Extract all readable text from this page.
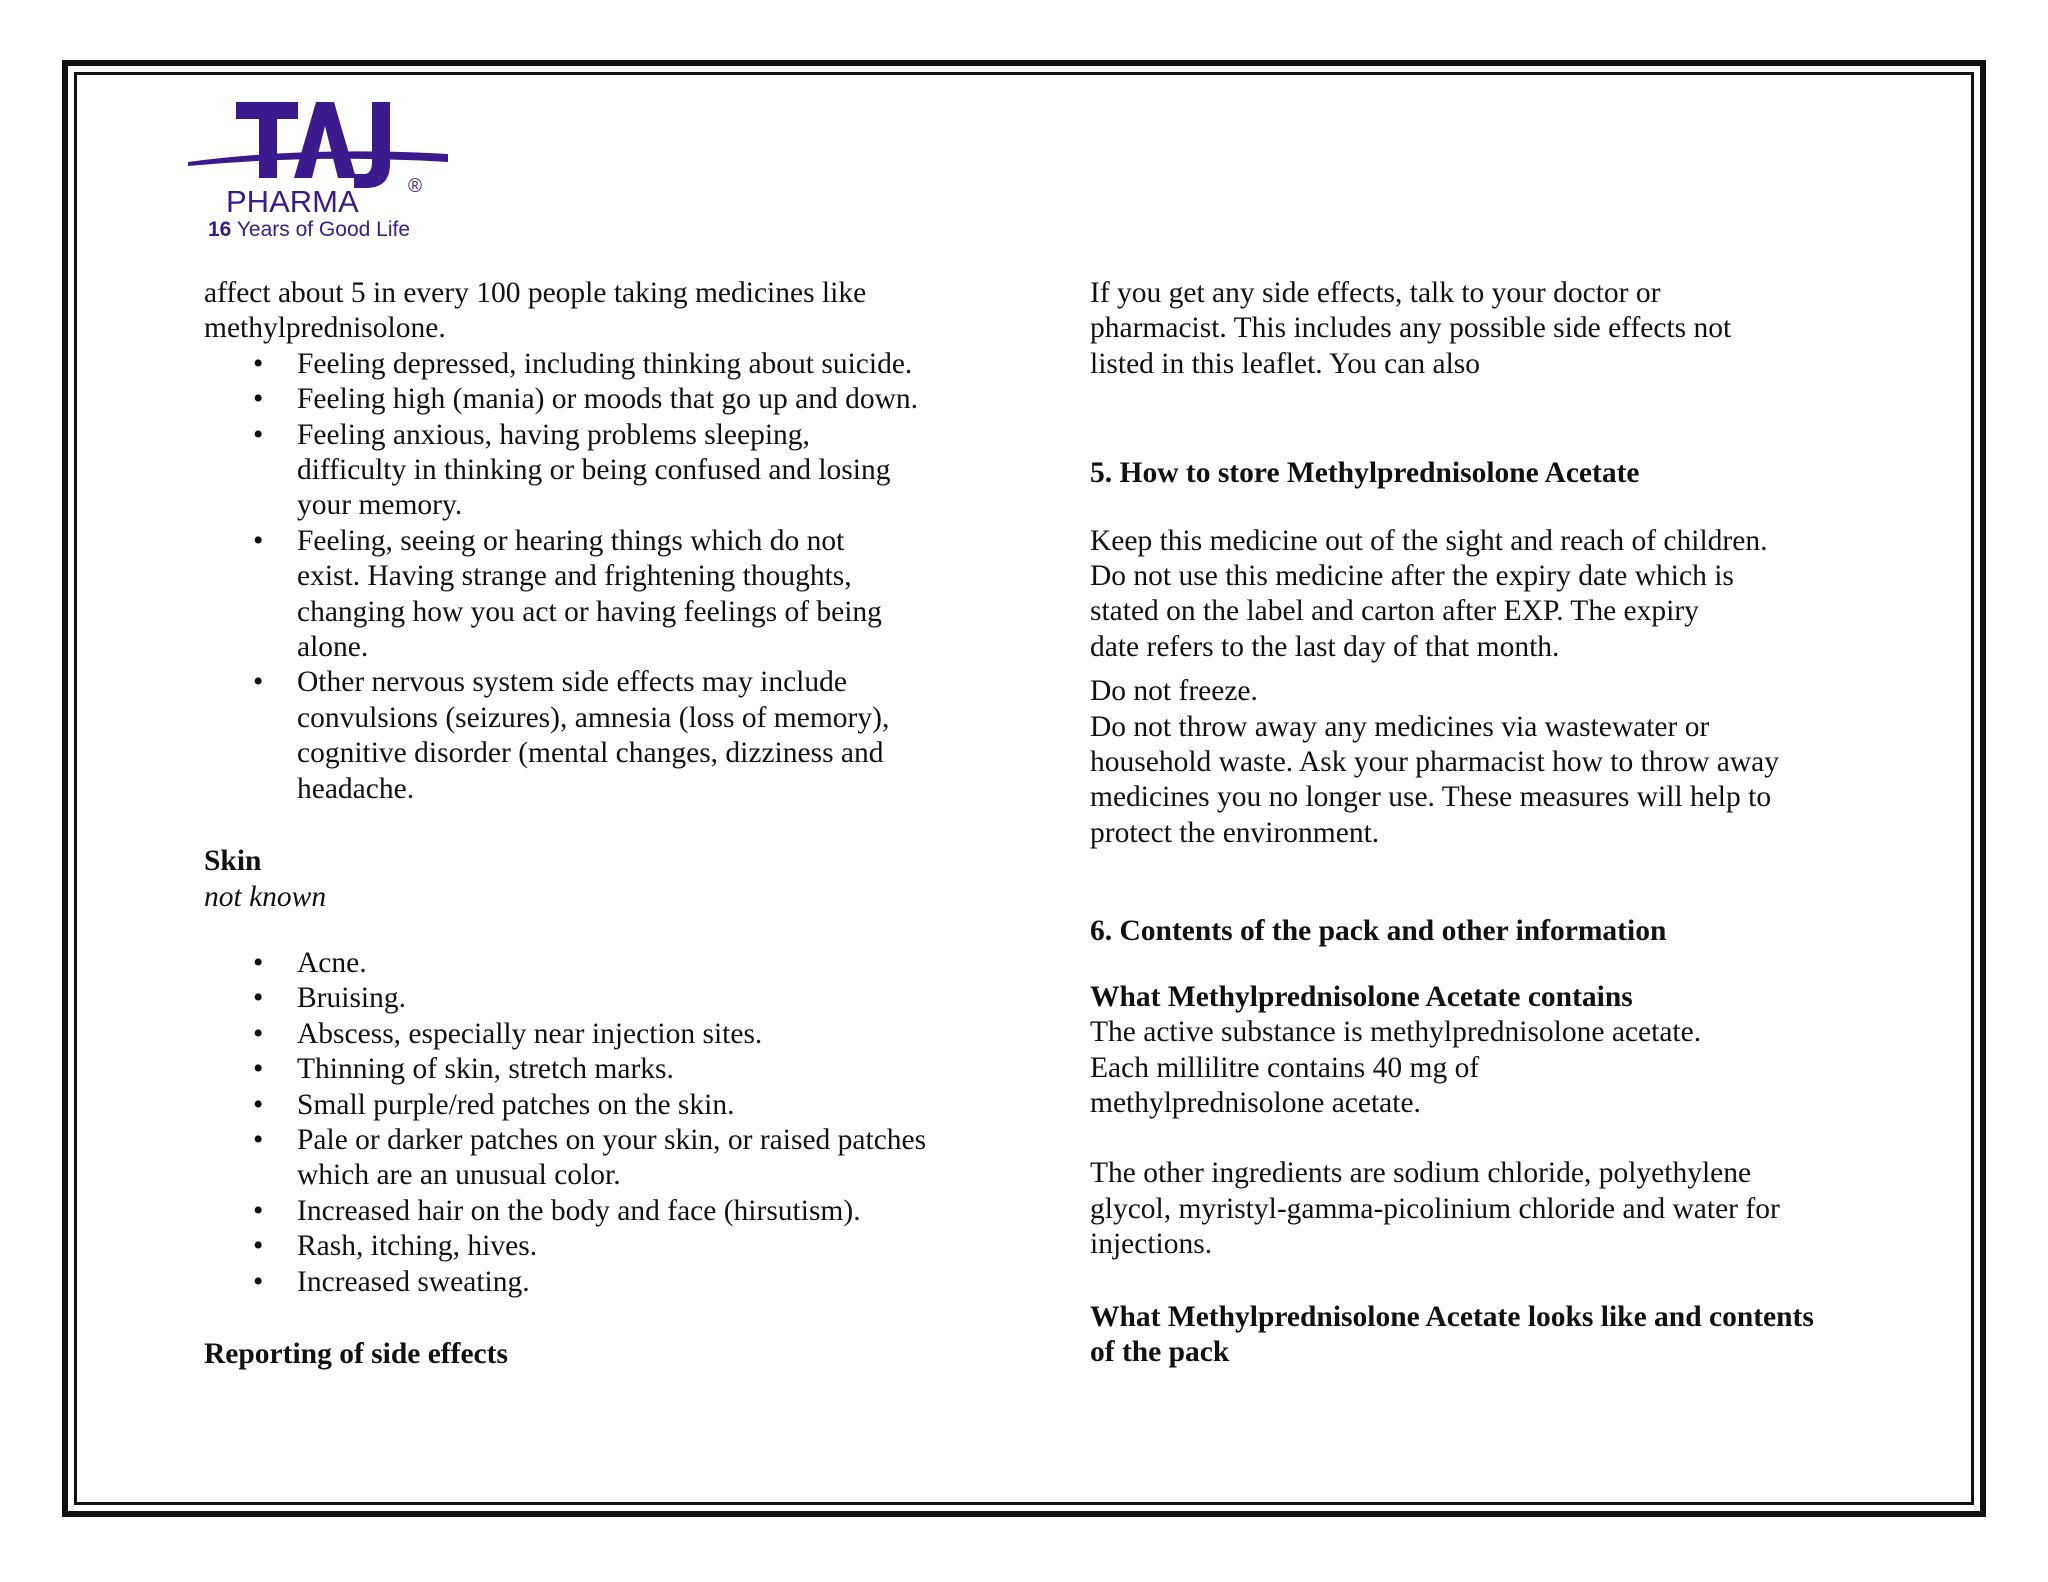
PHARMA	®
16 Years of Good Life

affect about 5 in every 100 people taking medicines like

methylprednisolone.

• Feeling depressed, including thinking about suicide.
• Feeling high (mania) or moods that go up and down.
• Feeling anxious, having problems sleeping,
difficulty in thinking or being confused and losing
your memory.
• Feeling, seeing or hearing things which do not
exist. Having strange and frightening thoughts,
changing how you act or having feelings of being
alone.
• Other nervous system side effects may include
convulsions (seizures), amnesia (loss of memory),
cognitive disorder (mental changes, dizziness and
headache.

Skin

not known

• Acne.
• Bruising.
• Abscess, especially near injection sites.
• Thinning of skin, stretch marks.
• Small purple/red patches on the skin.
• Pale or darker patches on your skin, or raised patches
which are an unusual color.
• Increased hair on the body and face (hirsutism).
• Rash, itching, hives.
• Increased sweating.

Reporting of side effects

If you get any side effects, talk to your doctor or

pharmacist. This includes any possible side effects not

listed in this leaflet. You can also

5. How to store Methylprednisolone Acetate

Keep this medicine out of the sight and reach of children.

Do not use this medicine after the expiry date which is

stated on the label and carton after EXP. The expiry

date refers to the last day of that month.

Do not freeze.

Do not throw away any medicines via wastewater or

household waste. Ask your pharmacist how to throw away

medicines you no longer use. These measures will help to

protect the environment.

6. Contents of the pack and other information

What Methylprednisolone Acetate contains

The active substance is methylprednisolone acetate.

Each millilitre contains 40 mg of

methylprednisolone acetate.

The other ingredients are sodium chloride, polyethylene

glycol, myristyl-gamma-picolinium chloride and water for

injections.

What Methylprednisolone Acetate looks like and contents

of the pack
